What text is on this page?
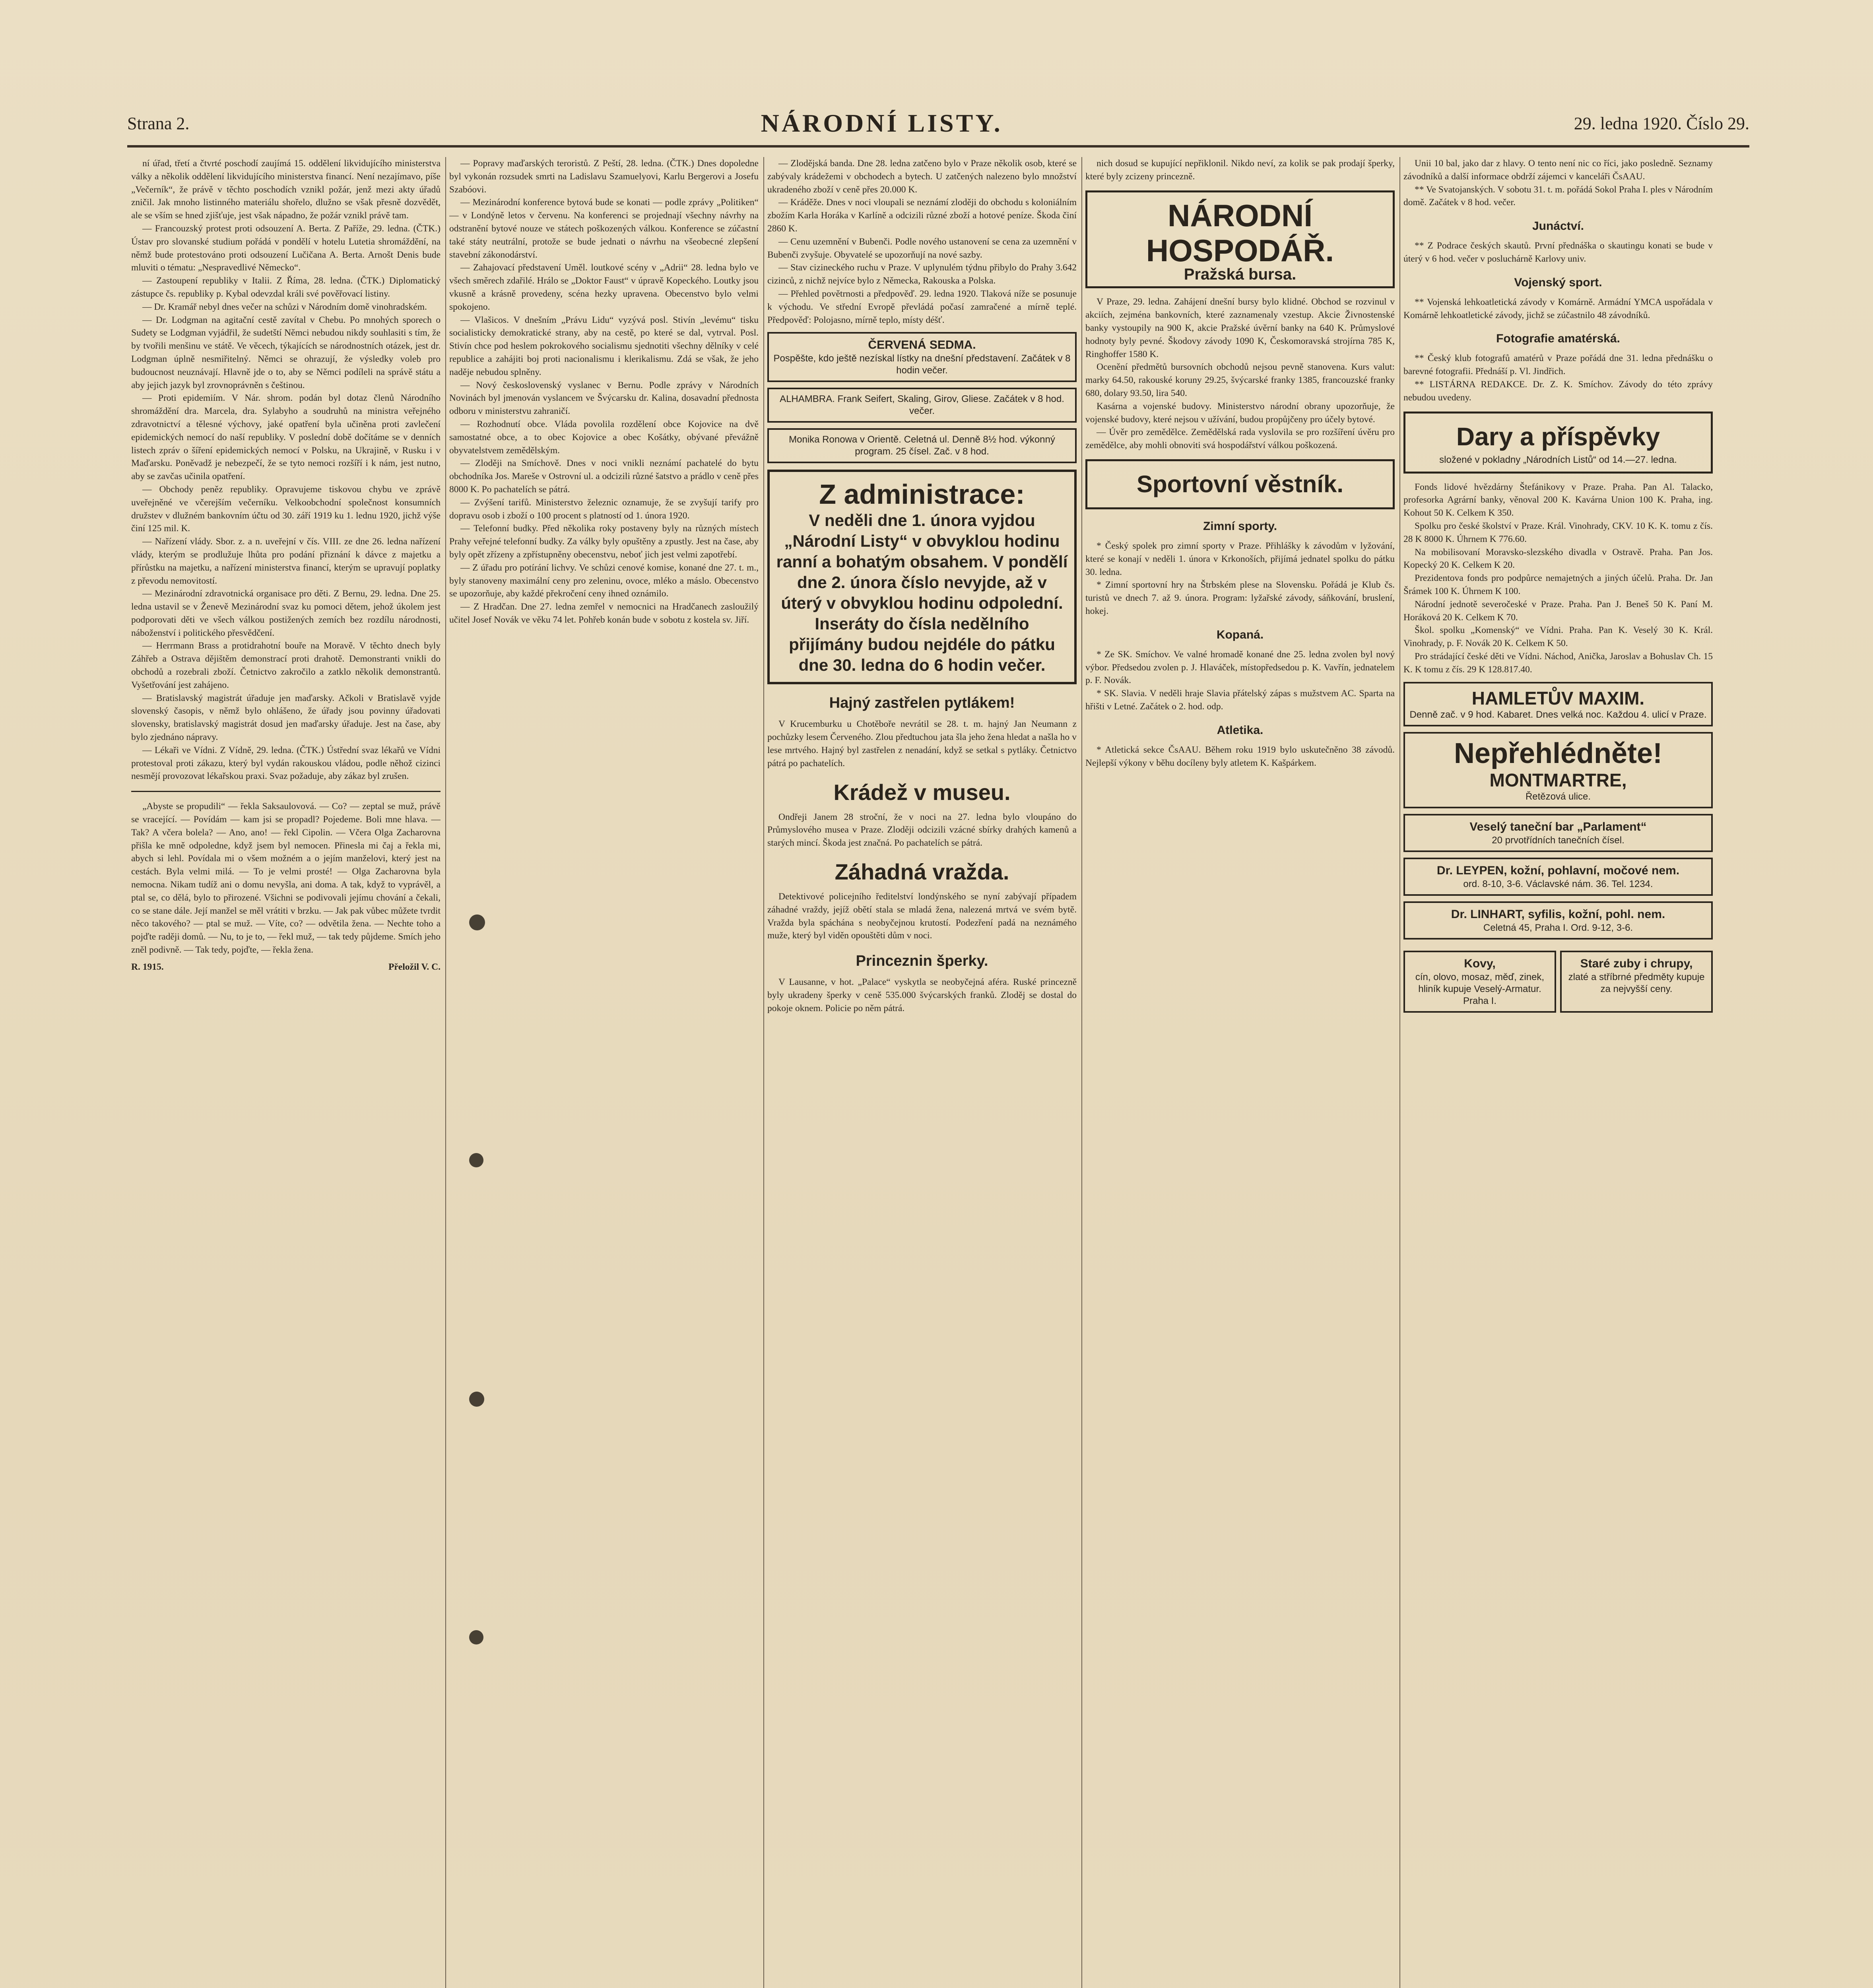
Strana 2.	NÁRODNÍ LISTY.	29. ledna 1920. Číslo 29.

ní úřad, třetí a čtvrté poschodí zaujímá 15. oddělení likvidujícího ministerstva války a několik oddělení likvidujícího ministerstva financí. Není nezajímavo, píše „Večerník“, že právě v těchto poschodích vznikl požár, jenž mezi akty úřadů zničil. Jak mnoho listinného materiálu shořelo, dlužno se však přesně dozvědět, ale se vším se hned zjišťuje, jest však nápadno, že požár vznikl právě tam.

— Francouzský protest proti odsouzení A. Berta. Z Paříže, 29. ledna. (ČTK.) Ústav pro slovanské studium pořádá v pondělí v hotelu Lutetia shromáždění, na němž bude protestováno proti odsouzení Lučičana A. Berta. Arnošt Denis bude mluviti o tématu: „Nespravedlivé Německo“.

— Zastoupení republiky v Italii. Z Říma, 28. ledna. (ČTK.) Diplomatický zástupce čs. republiky p. Kybal odevzdal králi své pověřovací listiny.

— Dr. Kramář nebyl dnes večer na schůzi v Národním domě vinohradském.

— Dr. Lodgman na agitační cestě zavítal v Chebu. Po mnohých sporech o Sudety se Lodgman vyjádřil, že sudetští Němci nebudou nikdy souhlasiti s tím, že by tvořili menšinu ve státě. Ve věcech, týkajících se národnostních otázek, jest dr. Lodgman úplně nesmiřitelný. Němci se ohrazují, že výsledky voleb pro budoucnost neuznávají. Hlavně jde o to, aby se Němci podíleli na správě státu a aby jejich jazyk byl zrovnoprávněn s češtinou.

— Proti epidemiím. V Nár. shrom. podán byl dotaz členů Národního shromáždění dra. Marcela, dra. Sylabyho a soudruhů na ministra veřejného zdravotnictví a tělesné výchovy, jaké opatření byla učiněna proti zavlečení epidemických nemocí do naší republiky. V poslední době dočítáme se v denních listech zpráv o šíření epidemických nemocí v Polsku, na Ukrajině, v Rusku i v Maďarsku. Poněvadž je nebezpečí, že se tyto nemoci rozšíří i k nám, jest nutno, aby se zavčas učinila opatření.

— Obchody peněz republiky. Opravujeme tiskovou chybu ve zprávě uveřejněné ve včerejším večerníku. Velkoobchodní společnost konsumních družstev v dlužném bankovním účtu od 30. září 1919 ku 1. lednu 1920, jichž výše činí 125 mil. K.

— Nařízení vlády. Sbor. z. a n. uveřejní v čís. VIII. ze dne 26. ledna nařízení vlády, kterým se prodlužuje lhůta pro podání přiznání k dávce z majetku a přírůstku na majetku, a nařízení ministerstva financí, kterým se upravují poplatky z převodu nemovitostí.

— Mezinárodní zdravotnická organisace pro děti. Z Bernu, 29. ledna. Dne 25. ledna ustavil se v Ženevě Mezinárodní svaz ku pomoci dětem, jehož úkolem jest podporovati děti ve všech válkou postižených zemích bez rozdílu národnosti, náboženství i politického přesvědčení.

— Herrmann Brass a protidrahotní bouře na Moravě. V těchto dnech byly Záhřeb a Ostrava dějištěm demonstrací proti drahotě. Demonstranti vnikli do obchodů a rozebrali zboží. Četnictvo zakročilo a zatklo několik demonstrantů. Vyšetřování jest zahájeno.

— Bratislavský magistrát úřaduje jen maďarsky. Ačkoli v Bratislavě vyjde slovenský časopis, v němž bylo ohlášeno, že úřady jsou povinny úřadovati slovensky, bratislavský magistrát dosud jen maďarsky úřaduje. Jest na čase, aby bylo zjednáno nápravy.

— Lékaři ve Vídni. Z Vídně, 29. ledna. (ČTK.) Ústřední svaz lékařů ve Vídni protestoval proti zákazu, který byl vydán rakouskou vládou, podle něhož cizinci nesmějí provozovat lékařskou praxi. Svaz požaduje, aby zákaz byl zrušen.

„Abyste se propudili“ — řekla Saksaulovová. — Co? — zeptal se muž, právě se vracející. — Povídám — kam jsi se propadl? Pojedeme. Boli mne hlava. — Tak? A včera bolela? — Ano, ano! — řekl Cipolin. — Včera Olga Zacharovna přišla ke mně odpoledne, když jsem byl nemocen. Přinesla mi čaj a řekla mi, abych si lehl. Povídala mi o všem možném a o jejím manželovi, který jest na cestách. Byla velmi milá. — To je velmi prosté! — Olga Zacharovna byla nemocna. Nikam tudíž ani o domu nevyšla, ani doma. A tak, když to vyprávěl, a ptal se, co dělá, bylo to přirozené. Všichni se podivovali jejímu chování a čekali, co se stane dále. Její manžel se měl vrátiti v brzku. — Jak pak vůbec můžete tvrdit něco takového? — ptal se muž. — Víte, co? — odvětila žena. — Nechte toho a pojďte raději domů. — Nu, to je to, — řekl muž, — tak tedy půjdeme. Smích jeho zněl podivně. — Tak tedy, pojďte, — řekla žena.

R. 1915.	Přeložil V. C.

— Popravy maďarských teroristů. Z Peští, 28. ledna. (ČTK.) Dnes dopoledne byl vykonán rozsudek smrti na Ladislavu Szamuelyovi, Karlu Bergerovi a Josefu Szabóovi.

— Mezinárodní konference bytová bude se konati — podle zprávy „Politiken“ — v Londýně letos v červenu. Na konferenci se projednají všechny návrhy na odstranění bytové nouze ve státech poškozených válkou. Konference se zúčastní také státy neutrální, protože se bude jednati o návrhu na všeobecné zlepšení stavební zákonodárství.

— Zahajovací představení Uměl. loutkové scény v „Adrii“ 28. ledna bylo ve všech směrech zdařilé. Hrálo se „Doktor Faust“ v úpravě Kopeckého. Loutky jsou vkusně a krásně provedeny, scéna hezky upravena. Obecenstvo bylo velmi spokojeno.

— Vlašicos. V dnešním „Právu Lidu“ vyzývá posl. Stivín „levému“ tisku socialisticky demokratické strany, aby na cestě, po které se dal, vytrval. Posl. Stivín chce pod heslem pokrokového socialismu sjednotiti všechny dělníky v celé republice a zahájiti boj proti nacionalismu i klerikalismu. Zdá se však, že jeho naděje nebudou splněny.

— Nový československý vyslanec v Bernu. Podle zprávy v Národních Novinách byl jmenován vyslancem ve Švýcarsku dr. Kalina, dosavadní přednosta odboru v ministerstvu zahraničí.

— Rozhodnutí obce. Vláda povolila rozdělení obce Kojovice na dvě samostatné obce, a to obec Kojovice a obec Košátky, obývané převážně obyvatelstvem zemědělským.

— Zloději na Smíchově. Dnes v noci vnikli neznámí pachatelé do bytu obchodníka Jos. Mareše v Ostrovní ul. a odcizili různé šatstvo a prádlo v ceně přes 8000 K. Po pachatelích se pátrá.

— Zvýšení tarifů. Ministerstvo železnic oznamuje, že se zvyšují tarify pro dopravu osob i zboží o 100 procent s platností od 1. února 1920.

— Telefonní budky. Před několika roky postaveny byly na různých místech Prahy veřejné telefonní budky. Za války byly opuštěny a zpustly. Jest na čase, aby byly opět zřízeny a zpřístupněny obecenstvu, neboť jich jest velmi zapotřebí.

— Z úřadu pro potírání lichvy. Ve schůzi cenové komise, konané dne 27. t. m., byly stanoveny maximální ceny pro zeleninu, ovoce, mléko a máslo. Obecenstvo se upozorňuje, aby každé překročení ceny ihned oznámilo.

— Z Hradčan. Dne 27. ledna zemřel v nemocnici na Hradčanech zasloužilý učitel Josef Novák ve věku 74 let. Pohřeb konán bude v sobotu z kostela sv. Jiří.

— Zlodějská banda. Dne 28. ledna zatčeno bylo v Praze několik osob, které se zabývaly krádežemi v obchodech a bytech. U zatčených nalezeno bylo množství ukradeného zboží v ceně přes 20.000 K.

— Kráděže. Dnes v noci vloupali se neznámí zloději do obchodu s koloniálním zbožím Karla Horáka v Karlíně a odcizili různé zboží a hotové peníze. Škoda činí 2860 K.

— Cenu uzemnění v Bubenči. Podle nového ustanovení se cena za uzemnění v Bubenči zvyšuje. Obyvatelé se upozorňují na nové sazby.

— Stav cizineckého ruchu v Praze. V uplynulém týdnu přibylo do Prahy 3.642 cizinců, z nichž nejvíce bylo z Německa, Rakouska a Polska.

— Přehled povětrnosti a předpověď. 29. ledna 1920. Tlaková níže se posunuje k východu. Ve střední Evropě převládá počasí zamračené a mírně teplé. Předpověď: Polojasno, mírně teplo, místy déšť.

ČERVENÁ SEDMA.
Pospěšte, kdo ještě nezískal lístky na dnešní představení. Začátek v 8 hodin večer.
ALHAMBRA. Frank Seifert, Skaling, Girov, Gliese. Začátek v 8 hod. večer.
Monika Ronowa v Orientě. Celetná ul. Denně 8½ hod. výkonný program. 25 čísel. Zač. v 8 hod.
Z administrace:
V neděli dne 1. února vyjdou „Národní Listy“ v obvyklou hodinu ranní a bohatým obsahem. V pondělí dne 2. února číslo nevyjde, až v úterý v obvyklou hodinu odpolední. Inseráty do čísla nedělního přijímány budou nejdéle do pátku dne 30. ledna do 6 hodin večer.
Hajný zastřelen pytlákem!

V Krucemburku u Chotěboře nevrátil se 28. t. m. hajný Jan Neumann z pochůzky lesem Červeného. Zlou předtuchou jata šla jeho žena hledat a našla ho v lese mrtvého. Hajný byl zastřelen z nenadání, když se setkal s pytláky. Četnictvo pátrá po pachatelích.

Krádež v museu.

Ondřeji Janem 28 stroční, že v noci na 27. ledna bylo vloupáno do Průmyslového musea v Praze. Zloději odcizili vzácné sbírky drahých kamenů a starých mincí. Škoda jest značná. Po pachatelích se pátrá.

Záhadná vražda.

Detektivové policejního ředitelství londýnského se nyní zabývají případem záhadné vraždy, jejíž obětí stala se mladá žena, nalezená mrtvá ve svém bytě. Vražda byla spáchána s neobyčejnou krutostí. Podezření padá na neznámého muže, který byl viděn opouštěti dům v noci.

Princeznin šperky.

V Lausanne, v hot. „Palace“ vyskytla se neobyčejná aféra. Ruské princezně byly ukradeny šperky v ceně 535.000 švýcarských franků. Zloděj se dostal do pokoje oknem. Policie po něm pátrá.

nich dosud se kupující nepřiklonil. Nikdo neví, za kolik se pak prodají šperky, které byly zcizeny princezně.

NÁRODNÍ HOSPODÁŘ.
Pražská bursa.

V Praze, 29. ledna. Zahájení dnešní bursy bylo klidné. Obchod se rozvinul v akciích, zejména bankovních, které zaznamenaly vzestup. Akcie Živnostenské banky vystoupily na 900 K, akcie Pražské úvěrní banky na 640 K. Průmyslové hodnoty byly pevné. Škodovy závody 1090 K, Českomoravská strojírna 785 K, Ringhoffer 1580 K.

Ocenění předmětů bursovních obchodů nejsou pevně stanovena. Kurs valut: marky 64.50, rakouské koruny 29.25, švýcarské franky 1385, francouzské franky 680, dolary 93.50, lira 540.

Kasárna a vojenské budovy. Ministerstvo národní obrany upozorňuje, že vojenské budovy, které nejsou v užívání, budou propůjčeny pro účely bytové.

— Úvěr pro zemědělce. Zemědělská rada vyslovila se pro rozšíření úvěru pro zemědělce, aby mohli obnoviti svá hospodářství válkou poškozená.

Sportovní věstník.
Zimní sporty.

* Český spolek pro zimní sporty v Praze. Přihlášky k závodům v lyžování, které se konají v neděli 1. února v Krkonoších, přijímá jednatel spolku do pátku 30. ledna.

* Zimní sportovní hry na Štrbském plese na Slovensku. Pořádá je Klub čs. turistů ve dnech 7. až 9. února. Program: lyžařské závody, sáňkování, bruslení, hokej.

Kopaná.

* Ze SK. Smíchov. Ve valné hromadě konané dne 25. ledna zvolen byl nový výbor. Předsedou zvolen p. J. Hlaváček, místopředsedou p. K. Vavřín, jednatelem p. F. Novák.

* SK. Slavia. V neděli hraje Slavia přátelský zápas s mužstvem AC. Sparta na hřišti v Letné. Začátek o 2. hod. odp.

Atletika.

* Atletická sekce ČsAAU. Během roku 1919 bylo uskutečněno 38 závodů. Nejlepší výkony v běhu docíleny byly atletem K. Kašpárkem.

Unii 10 bal, jako dar z hlavy. O tento není nic co říci, jako posledně. Seznamy závodníků a další informace obdrží zájemci v kanceláři ČsAAU.

** Ve Svatojanských. V sobotu 31. t. m. pořádá Sokol Praha I. ples v Národním domě. Začátek v 8 hod. večer.

Junáctví.

** Z Podrace českých skautů. První přednáška o skautingu konati se bude v úterý v 6 hod. večer v posluchárně Karlovy univ.

Vojenský sport.

** Vojenská lehkoatletická závody v Komárně. Armádní YMCA uspořádala v Komárně lehkoatletické závody, jichž se zúčastnilo 48 závodníků.

Fotografie amatérská.

** Český klub fotografů amatérů v Praze pořádá dne 31. ledna přednášku o barevné fotografii. Přednáší p. Vl. Jindřich.

** LISTÁRNA REDAKCE. Dr. Z. K. Smíchov. Závody do této zprávy nebudou uvedeny.

Dary a příspěvky
složené v pokladny „Národních Listů“ od 14.—27. ledna.

Fonds lidové hvězdárny Štefánikovy v Praze. Praha. Pan Al. Talacko, profesorka Agrární banky, věnoval 200 K. Kavárna Union 100 K. Praha, ing. Kohout 50 K. Celkem K 350.

Spolku pro české školství v Praze. Král. Vinohrady, CKV. 10 K. K. tomu z čís. 28 K 8000 K. Úhrnem K 776.60.

Na mobilisovaní Moravsko-slezského divadla v Ostravě. Praha. Pan Jos. Kopecký 20 K. Celkem K 20.

Prezidentova fonds pro podpůrce nemajetných a jiných účelů. Praha. Dr. Jan Šrámek 100 K. Úhrnem K 100.

Národní jednotě severočeské v Praze. Praha. Pan J. Beneš 50 K. Paní M. Horáková 20 K. Celkem K 70.

Škol. spolku „Komenský“ ve Vídni. Praha. Pan K. Veselý 30 K. Král. Vinohrady, p. F. Novák 20 K. Celkem K 50.

Pro strádající české děti ve Vídni. Náchod, Anička, Jaroslav a Bohuslav Ch. 15 K. K tomu z čís. 29 K 128.817.40.

HAMLETŮV MAXIM.
Denně zač. v 9 hod. Kabaret. Dnes velká noc. Každou 4. ulicí v Praze.
Nepřehlédněte!
MONTMARTRE,
Řetězová ulice.
Veselý taneční bar „Parlament“
20 prvotřídních tanečních čísel.
Dr. LEYPEN, kožní, pohlavní, močové nem.
ord. 8-10, 3-6. Václavské nám. 36. Tel. 1234.
Dr. LINHART, syfilis, kožní, pohl. nem.
Celetná 45, Praha I. Ord. 9-12, 3-6.
Kovy,
cín, olovo, mosaz, měď, zinek, hliník kupuje Veselý-Armatur. Praha I.
Staré zuby i chrupy,
zlaté a stříbrné předměty kupuje za nejvyšší ceny.
